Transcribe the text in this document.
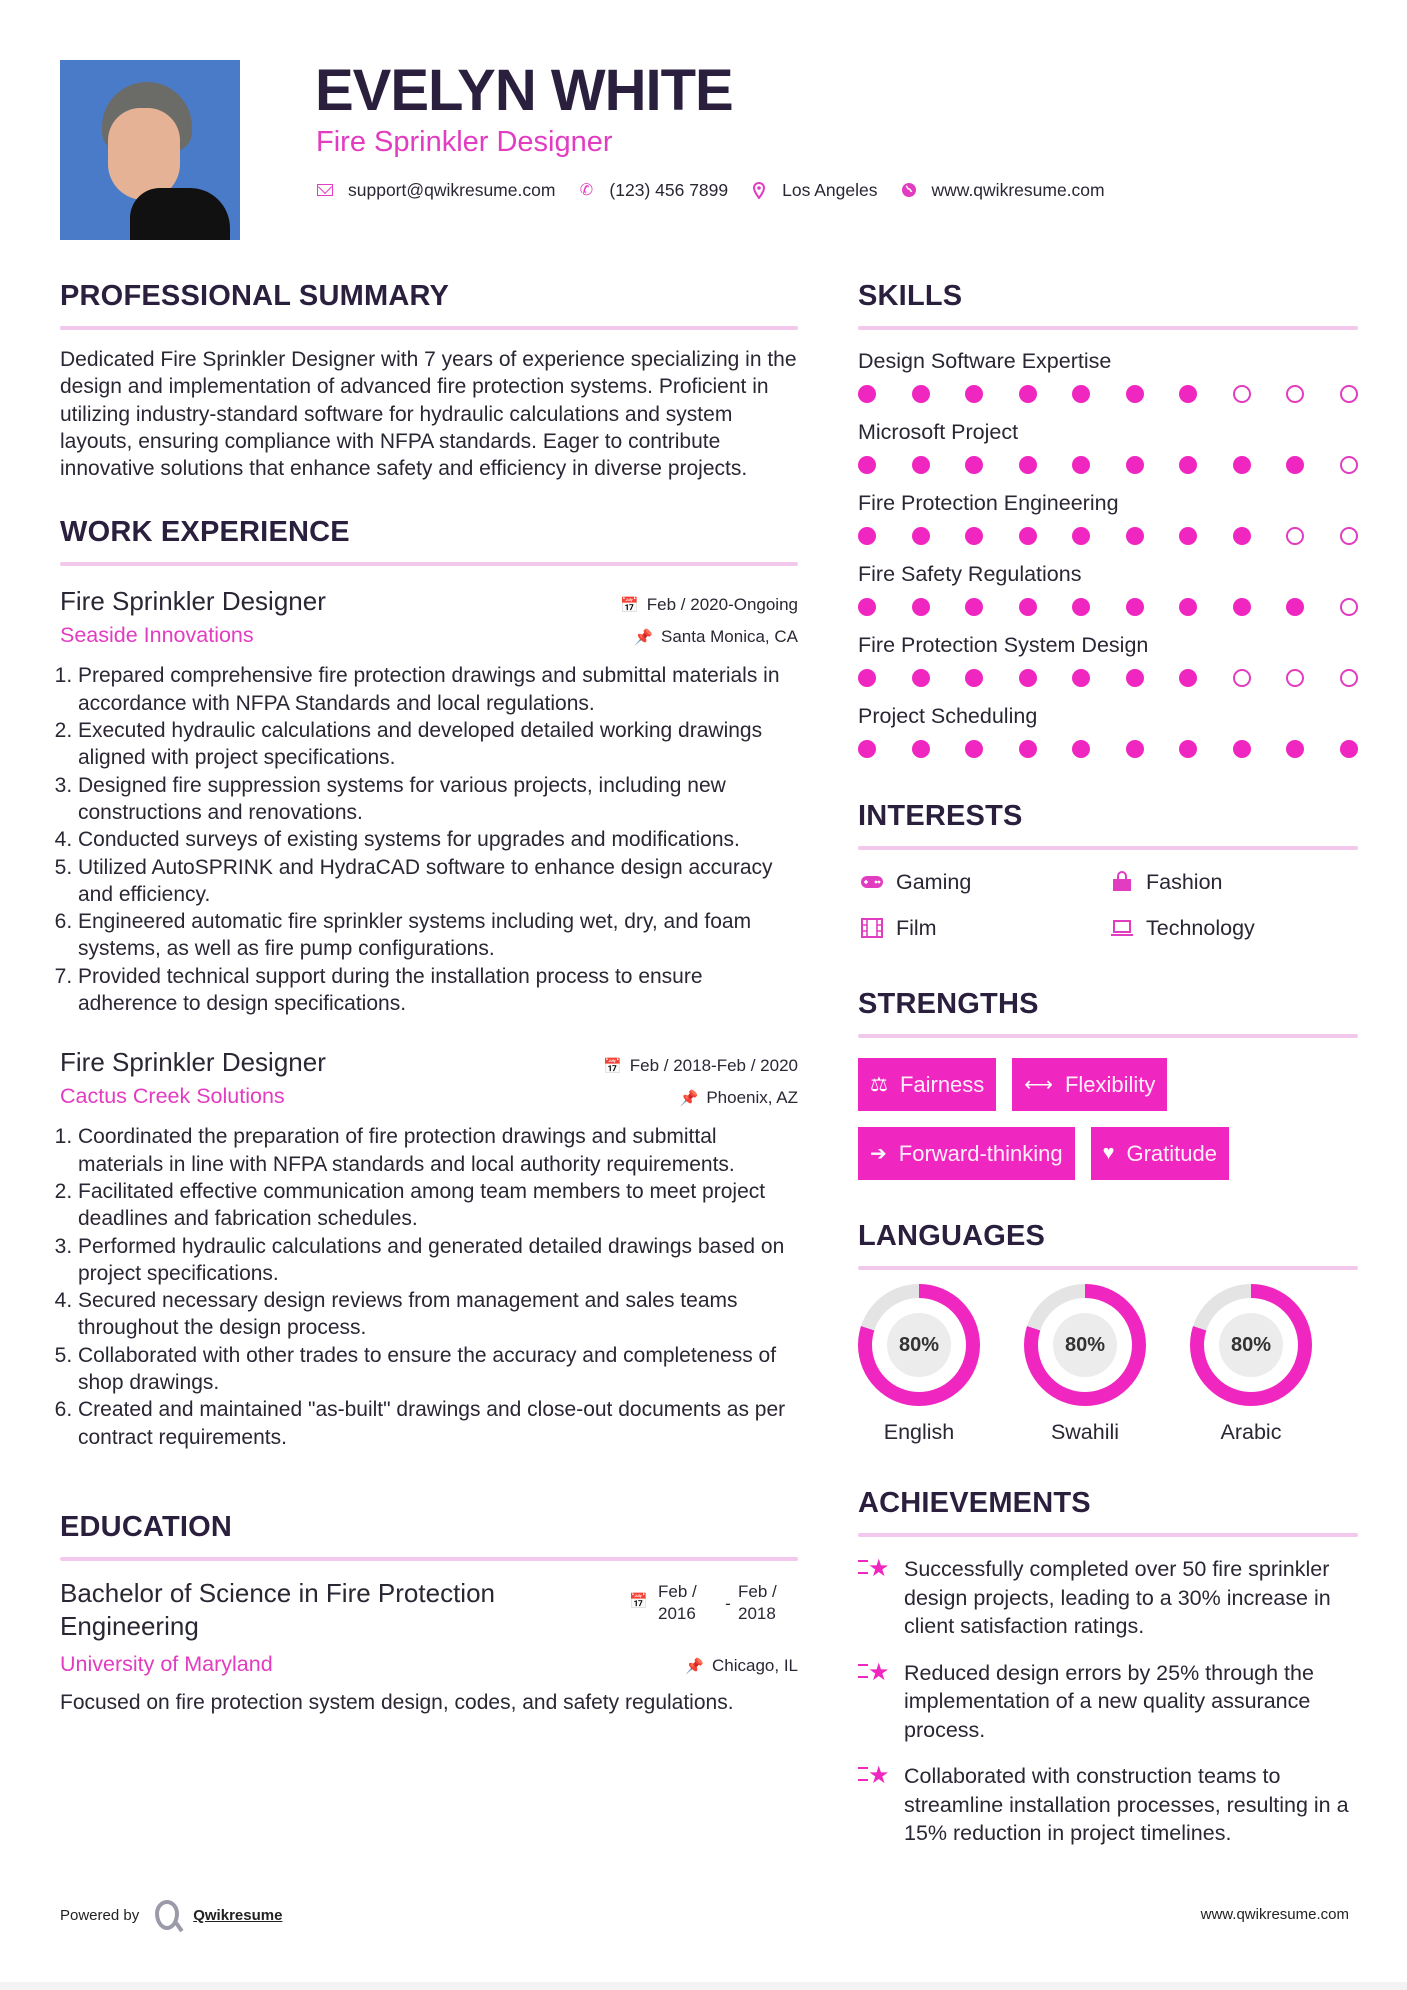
EVELYN WHITE
Fire Sprinkler Designer
support@qwikresume.com ✆ (123) 456 7899	Los Angeles	www.qwikresume.com
PROFESSIONAL SUMMARY

Dedicated Fire Sprinkler Designer with 7 years of experience specializing in the design and implementation of advanced fire protection systems. Proficient in utilizing industry-standard software for hydraulic calculations and system layouts, ensuring compliance with NFPA standards. Eager to contribute innovative solutions that enhance safety and efficiency in diverse projects.

WORK EXPERIENCE
Fire Sprinkler Designer	📅 Feb / 2020-Ongoing
Seaside Innovations	📌 Santa Monica, CA
1. Prepared comprehensive fire protection drawings and submittal materials in accordance with NFPA Standards and local regulations.
2. Executed hydraulic calculations and developed detailed working drawings aligned with project specifications.
3. Designed fire suppression systems for various projects, including new constructions and renovations.
4. Conducted surveys of existing systems for upgrades and modifications.
5. Utilized AutoSPRINK and HydraCAD software to enhance design accuracy and efficiency.
6. Engineered automatic fire sprinkler systems including wet, dry, and foam systems, as well as fire pump configurations.
7. Provided technical support during the installation process to ensure adherence to design specifications.
Fire Sprinkler Designer	📅 Feb / 2018-Feb / 2020
Cactus Creek Solutions	📌 Phoenix, AZ
1. Coordinated the preparation of fire protection drawings and submittal materials in line with NFPA standards and local authority requirements.
2. Facilitated effective communication among team members to meet project deadlines and fabrication schedules.
3. Performed hydraulic calculations and generated detailed drawings based on project specifications.
4. Secured necessary design reviews from management and sales teams throughout the design process.
5. Collaborated with other trades to ensure the accuracy and completeness of shop drawings.
6. Created and maintained "as-built" drawings and close-out documents as per contract requirements.
EDUCATION
Bachelor of Science in Fire Protection Engineering
📅
Feb / 2016
-
Feb / 2018
University of Maryland	📌 Chicago, IL

Focused on fire protection system design, codes, and safety regulations.

SKILLS
Design Software Expertise
Microsoft Project
Fire Protection Engineering
Fire Safety Regulations
Fire Protection System Design
Project Scheduling
INTERESTS
Gaming	Fashion
Film	Technology
STRENGTHS
⚖ Fairness ⟷ Flexibility
➔ Forward-thinking ♥ Gratitude
LANGUAGES
80%
English
80%
Swahili
80%
Arabic
ACHIEVEMENTS
★ Successfully completed over 50 fire sprinkler design projects, leading to a 30% increase in client satisfaction ratings.
★ Reduced design errors by 25% through the implementation of a new quality assurance process.
★ Collaborated with construction teams to streamline installation processes, resulting in a 15% reduction in project timelines.
Powered by	Qwikresume	www.qwikresume.com
